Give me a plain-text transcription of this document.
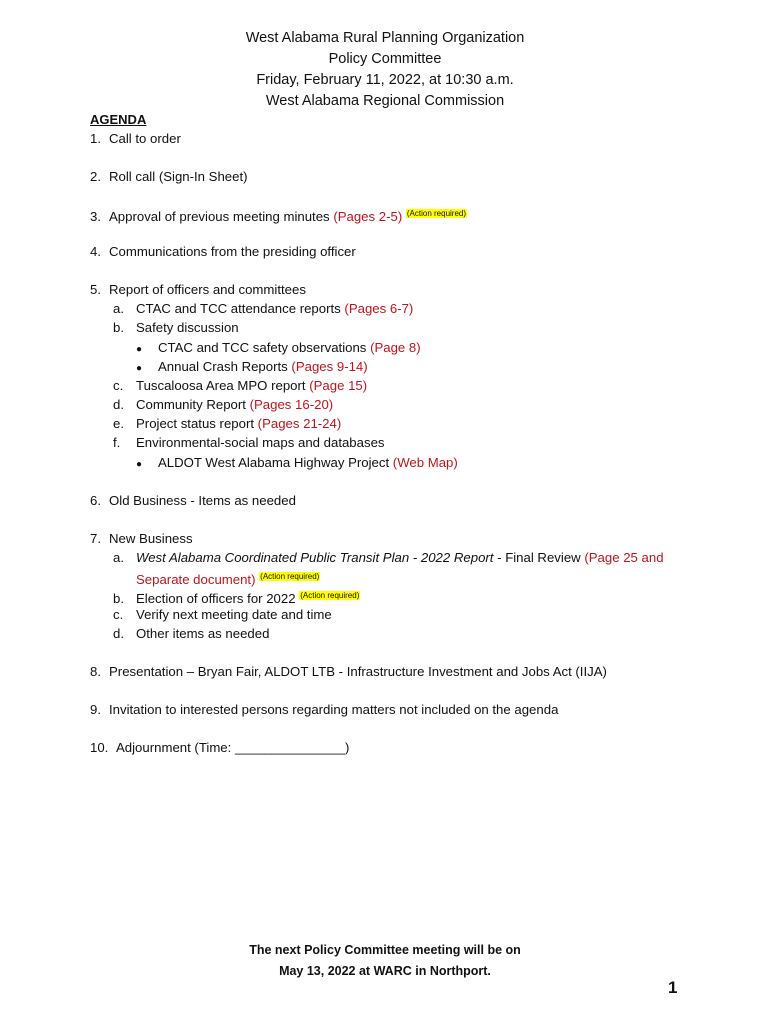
West Alabama Rural Planning Organization
Policy Committee
Friday, February 11, 2022, at 10:30 a.m.
West Alabama Regional Commission
AGENDA
1. Call to order
2. Roll call (Sign-In Sheet)
3. Approval of previous meeting minutes (Pages 2-5) $^{(Action required)}$
4. Communications from the presiding officer
5. Report of officers and committees
a. CTAC and TCC attendance reports (Pages 6-7)
b. Safety discussion
● CTAC and TCC safety observations (Page 8)
● Annual Crash Reports (Pages 9-14)
c. Tuscaloosa Area MPO report (Page 15)
d. Community Report (Pages 16-20)
e. Project status report (Pages 21-24)
f. Environmental-social maps and databases
● ALDOT West Alabama Highway Project (Web Map)
6. Old Business - Items as needed
7. New Business
a. West Alabama Coordinated Public Transit Plan - 2022 Report - Final Review (Page 25 and
Separate document) $^{(Action required)}$
b. Election of officers for 2022 $^{(Action required)}$
c. Verify next meeting date and time
d. Other items as needed
8. Presentation – Bryan Fair, ALDOT LTB - Infrastructure Investment and Jobs Act (IIJA)
9. Invitation to interested persons regarding matters not included on the agenda
10. Adjournment (Time: _______________)
The next Policy Committee meeting will be on
May 13, 2022 at WARC in Northport.
1
